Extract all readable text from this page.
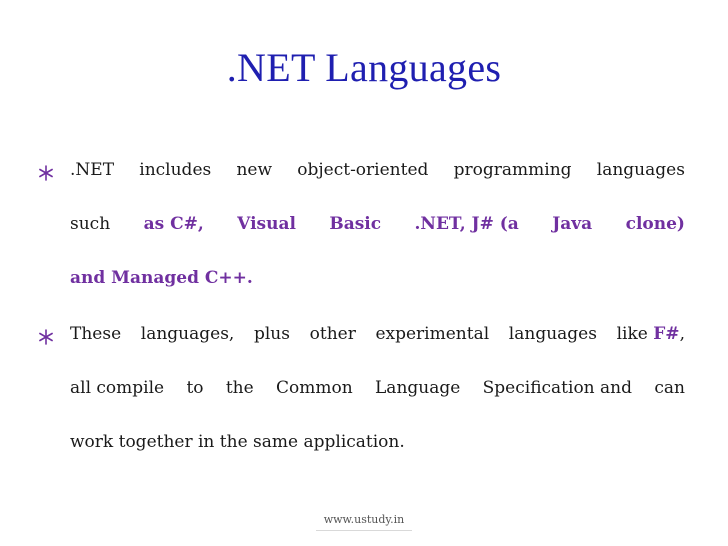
.NET Languages
.NET includes new object-oriented programming languages
such as C#, Visual Basic .NET, J# (a Java clone)
and Managed C++.
These languages, plus other experimental languages like F#,
all compile to the Common Language Specification and can
work together in the same application.
www.ustudy.in
